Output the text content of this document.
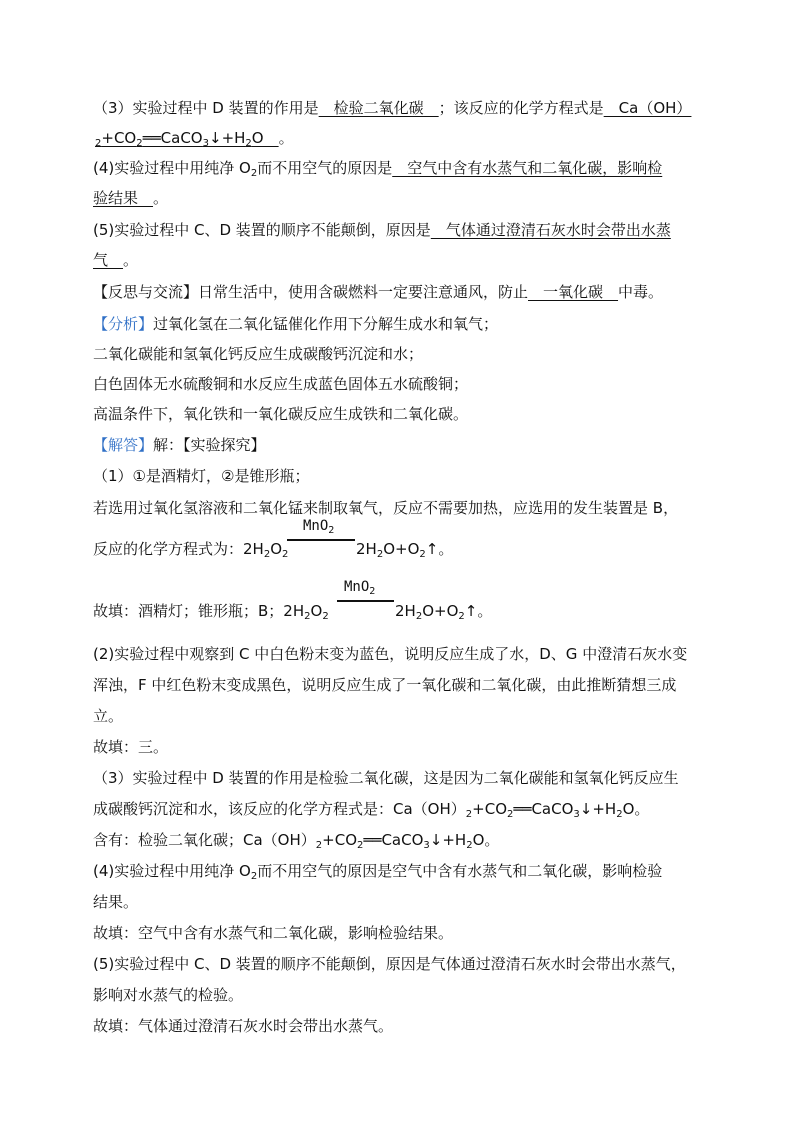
（3）实验过程中 D 装置的作用是　检验二氧化碳　；该反应的化学方程式是　Ca（OH）
$_2+CO_2══CaCO_3↓+H_2O$　。
(4)实验过程中用纯净 $O_2$而不用空气的原因是　空气中含有水蒸气和二氧化碳，影响检
验结果　。
(5)实验过程中 C、D 装置的顺序不能颠倒，原因是　气体通过澄清石灰水时会带出水蒸
气　。
【反思与交流】日常生活中，使用含碳燃料一定要注意通风，防止　一氧化碳　中毒。
【分析】过氧化氢在二氧化锰催化作用下分解生成水和氧气；
二氧化碳能和氢氧化钙反应生成碳酸钙沉淀和水；
白色固体无水硫酸铜和水反应生成蓝色固体五水硫酸铜；
高温条件下，氧化铁和一氧化碳反应生成铁和二氧化碳。
【解答】解：【实验探究】
（1）①是酒精灯，②是锥形瓶；
若选用过氧化氢溶液和二氧化锰来制取氧气，反应不需要加热，应选用的发生装置是 B，
反应的化学方程式为：$2H_2O_2$
MnO$_2$
$2H_2O+O_2↑$。
故填：酒精灯；锥形瓶；B；$2H_2O_2$
MnO$_2$
$2H_2O+O_2↑$。
(2)实验过程中观察到 C 中白色粉末变为蓝色，说明反应生成了水，D、G 中澄清石灰水变
浑浊，F 中红色粉末变成黑色，说明反应生成了一氧化碳和二氧化碳，由此推断猜想三成
立。
故填：三。
（3）实验过程中 D 装置的作用是检验二氧化碳，这是因为二氧化碳能和氢氧化钙反应生
成碳酸钙沉淀和水，该反应的化学方程式是：$Ca(OH)_2+CO_2══CaCO_3↓+H_2O$。
含有：检验二氧化碳；$Ca(OH)_2+CO_2══CaCO_3↓+H_2O$。
(4)实验过程中用纯净 $O_2$而不用空气的原因是空气中含有水蒸气和二氧化碳，影响检验
结果。
故填：空气中含有水蒸气和二氧化碳，影响检验结果。
(5)实验过程中 C、D 装置的顺序不能颠倒，原因是气体通过澄清石灰水时会带出水蒸气，
影响对水蒸气的检验。
故填：气体通过澄清石灰水时会带出水蒸气。
